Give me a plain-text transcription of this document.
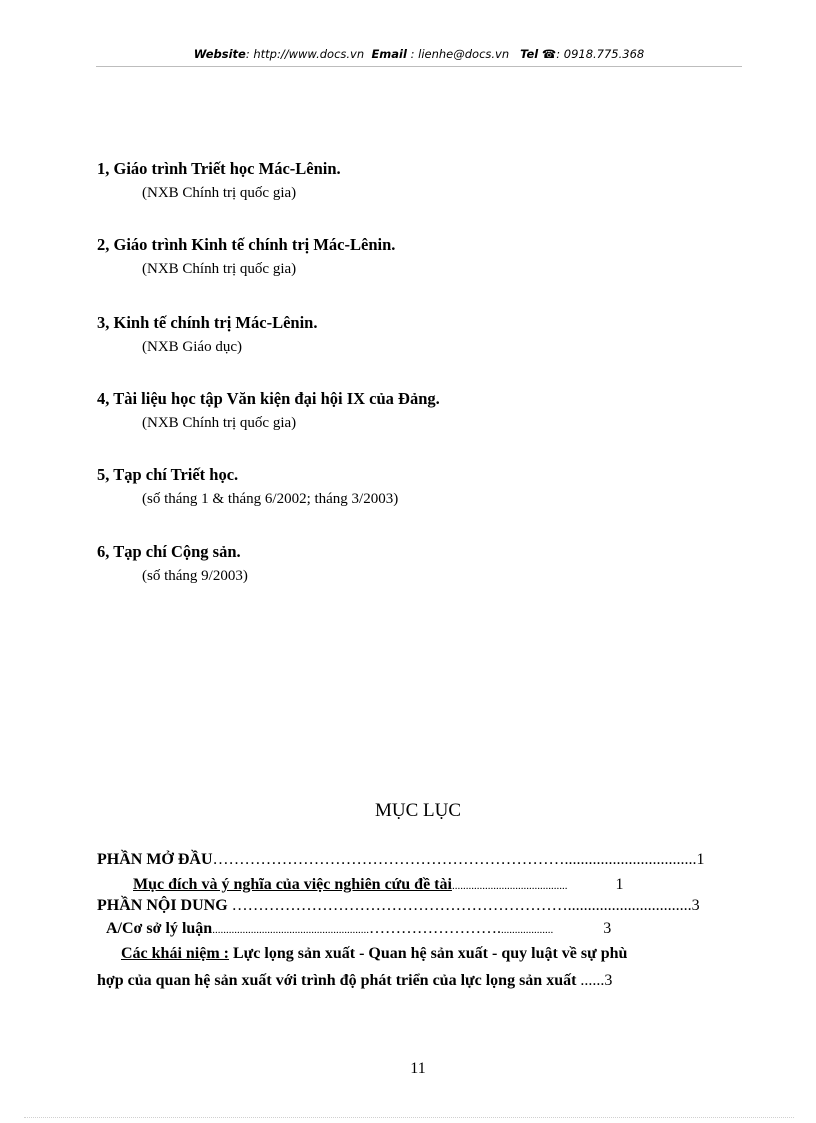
Website: http://www.docs.vn Email : lienhe@docs.vn Tel ☎: 0918.775.368
1, Giáo trình Triết học Mác-Lênin.
(NXB Chính trị quốc gia)
2, Giáo trình Kinh tế chính trị Mác-Lênin.
(NXB Chính trị quốc gia)
3, Kinh tế chính trị Mác-Lênin.
(NXB Giáo dục)
4, Tài liệu học tập Văn kiện đại hội IX của Đảng.
(NXB Chính trị quốc gia)
5, Tạp chí Triết học.
(số tháng 1 & tháng 6/2002; tháng 3/2003)
6, Tạp chí Cộng sản.
(số tháng 9/2003)
MỤC LỤC
PHẦN MỞ ĐẦU………………………………………………………….................................1
Mục đích và ý nghĩa của việc nghiên cứu đề tài..........................................	1
PHẦN NỘI DUNG ………………………………………………………...............................3
A/Cơ sở lý luận.........................................................……………………....................	3
Các khái niệm : Lực lọng sản xuất - Quan hệ sản xuất - quy luật về sự phù
hợp của quan hệ sản xuất với trình độ phát triển của lực lọng sản xuất ......3
11
